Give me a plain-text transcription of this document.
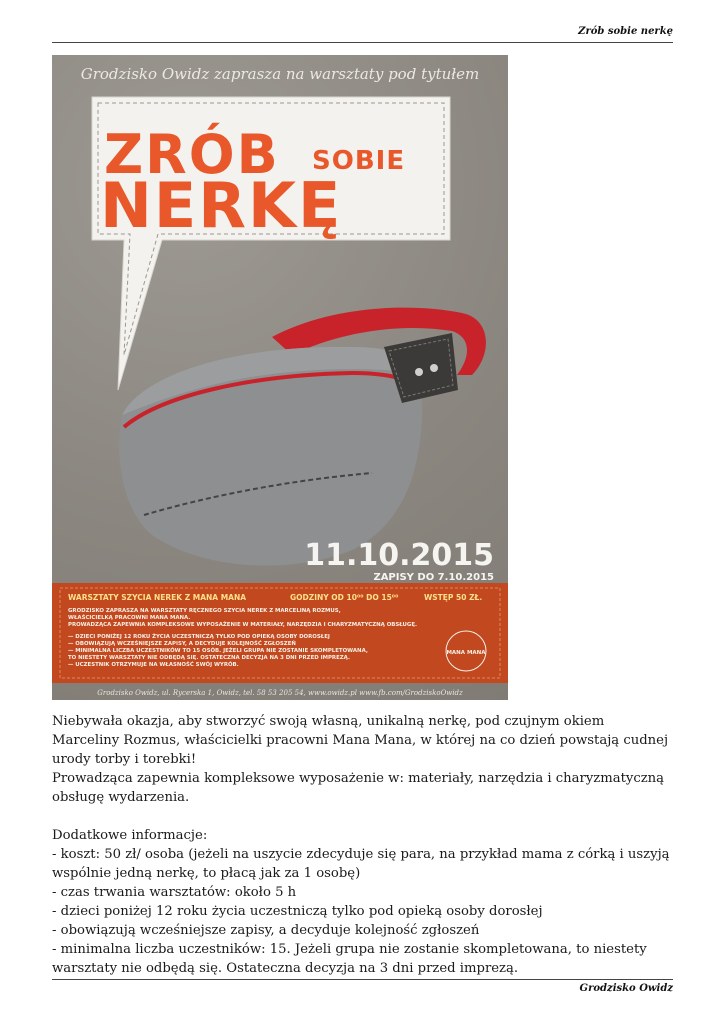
Zrób sobie nerkę
Grodzisko Owidz zaprasza na warsztaty pod tytułem
ZRÓB SOBIE
NERKĘ
11.10.2015
ZAPISY DO 7.10.2015
WARSZTATY SZYCIA NEREK Z MANA MANA	GODZINY OD 10⁰⁰ DO 15⁰⁰	WSTĘP 50 ZŁ.
GRODZISKO ZAPRASZA NA WARSZTATY RĘCZNEGO SZYCIA NEREK Z MARCELINĄ ROZMUS,
WŁAŚCICIELKĄ PRACOWNI MANA MANA.
PROWADZĄCA ZAPEWNIA KOMPLEKSOWE WYPOSAŻENIE W MATERIAŁY, NARZĘDZIA I CHARYZMATYCZNĄ OBSŁUGĘ.
— DZIECI PONIŻEJ 12 ROKU ŻYCIA UCZESTNICZĄ TYLKO POD OPIEKĄ OSOBY DOROSŁEJ
— OBOWIĄZUJĄ WCZEŚNIEJSZE ZAPISY, A DECYDUJE KOLEJNOŚĆ ZGŁOSZEŃ
— MINIMALNA LICZBA UCZESTNIKÓW TO 15 OSÓB. JEŻELI GRUPA NIE ZOSTANIE SKOMPLETOWANA,
TO NIESTETY WARSZTATY NIE ODBĘDĄ SIĘ. OSTATECZNA DECYZJA NA 3 DNI PRZED IMPREZĄ.
— UCZESTNIK OTRZYMUJE NA WŁASNOŚĆ SWÓJ WYRÓB.
MANA MANA
Grodzisko Owidz, ul. Rycerska 1, Owidz, tel. 58 53 205 54, www.owidz.pl www.fb.com/GrodziskoOwidz

Niebywała okazja, aby stworzyć swoją własną, unikalną nerkę, pod czujnym okiem Marceliny Rozmus, właścicielki pracowni Mana Mana, w której na co dzień powstają cudnej urody torby i torebki!

Prowadząca zapewnia kompleksowe wyposażenie w: materiały, narzędzia i charyzmatyczną obsługę wydarzenia.

Dodatkowe informacje:

- koszt: 50 zł/ osoba (jeżeli na uszycie zdecyduje się para, na przykład mama z córką i uszyją wspólnie jedną nerkę, to płacą jak za 1 osobę)

- czas trwania warsztatów: około 5 h

- dzieci poniżej 12 roku życia uczestniczą tylko pod opieką osoby dorosłej

- obowiązują wcześniejsze zapisy, a decyduje kolejność zgłoszeń

- minimalna liczba uczestników: 15. Jeżeli grupa nie zostanie skompletowana, to niestety warsztaty nie odbędą się. Ostateczna decyzja na 3 dni przed imprezą.

Grodzisko Owidz
